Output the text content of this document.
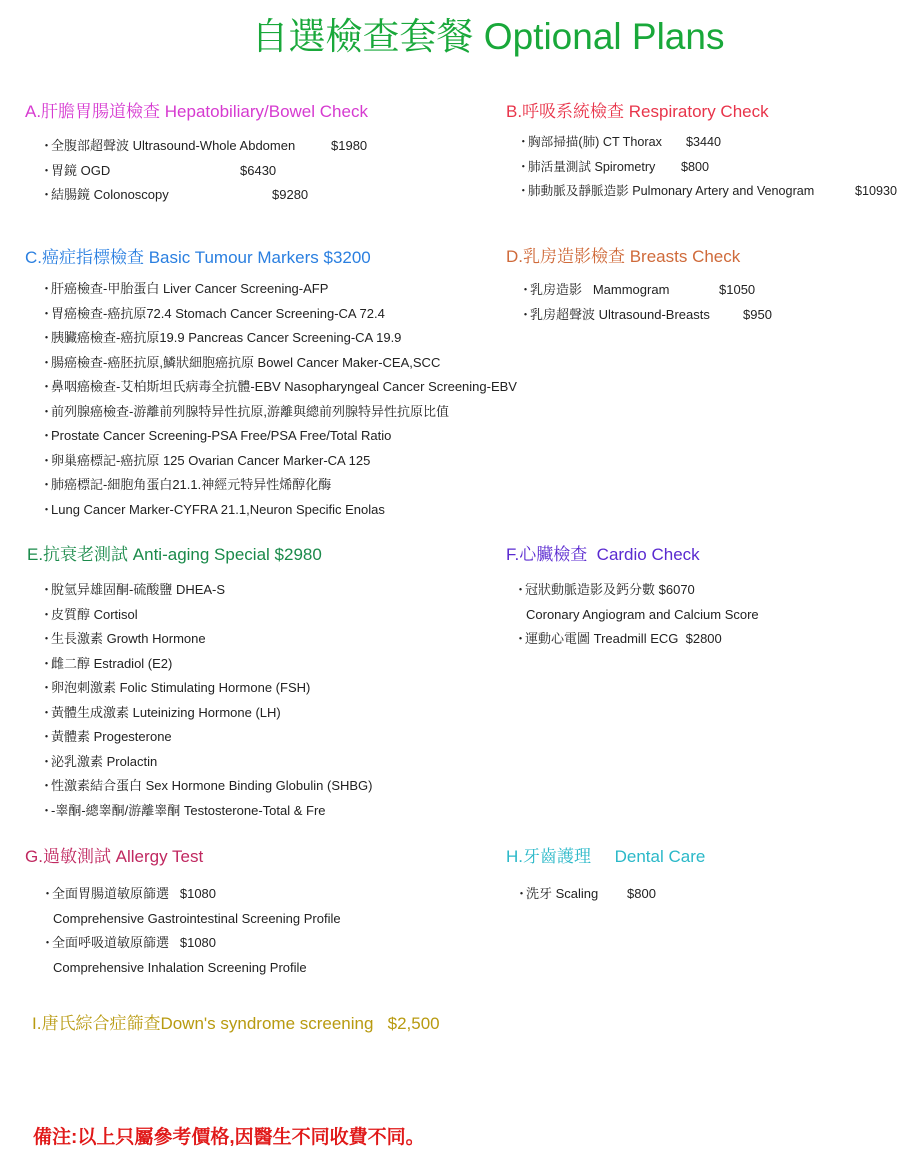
自選檢查套餐 Optional Plans
A.肝膽胃腸道檢查 Hepatobiliary/Bowel Check
・全腹部超聲波 Ultrasound-Whole Abdomen	$1980
・胃鏡 OGD	$6430
・結腸鏡 Colonoscopy	$9280
B.呼吸系統檢查 Respiratory Check
・胸部掃描(肺) CT Thorax $3440
・肺活量測試 Spirometry $800
・肺動脈及靜脈造影 Pulmonary Artery and Venogram	$10930
C.癌症指標檢查 Basic Tumour Markers $3200
・肝癌檢查-甲胎蛋白 Liver Cancer Screening-AFP
・胃癌檢查-癌抗原72.4 Stomach Cancer Screening-CA 72.4
・胰臟癌檢查-癌抗原19.9 Pancreas Cancer Screening-CA 19.9
・腸癌檢查-癌胚抗原,鱗狀細胞癌抗原 Bowel Cancer Maker-CEA,SCC
・鼻咽癌檢查-艾柏斯坦氏病毒全抗體-EBV Nasopharyngeal Cancer Screening-EBV
・前列腺癌檢查-游離前列腺特异性抗原,游離與總前列腺特异性抗原比值
・Prostate Cancer Screening-PSA Free/PSA Free/Total Ratio
・卵巢癌標記-癌抗原 125 Ovarian Cancer Marker-CA 125
・肺癌標記-細胞角蛋白21.1.神經元特异性烯醇化酶
・Lung Cancer Marker-CYFRA 21.1,Neuron Specific Enolas
D.乳房造影檢查 Breasts Check
・乳房造影   Mammogram	$1050
・乳房超聲波 Ultrasound-Breasts	$950
E.抗衰老測試 Anti-aging Special $2980
・脫氫异雄固酮-硫酸鹽 DHEA-S
・皮質醇 Cortisol
・生長激素 Growth Hormone
・雌二醇 Estradiol (E2)
・卵泡刺激素 Folic Stimulating Hormone (FSH)
・黃體生成激素 Luteinizing Hormone (LH)
・黃體素 Progesterone
・泌乳激素 Prolactin
・性激素結合蛋白 Sex Hormone Binding Globulin (SHBG)
・-睾酮-總睾酮/游離睾酮 Testosterone-Total & Fre
F.心臟檢查  Cardio Check
・冠狀動脈造影及鈣分數 $6070
Coronary Angiogram and Calcium Score
・運動心電圖 Treadmill ECG $2800
G.過敏測試 Allergy Test
・全面胃腸道敏原篩選 $1080
Comprehensive Gastrointestinal Screening Profile
・全面呼吸道敏原篩選 $1080
Comprehensive Inhalation Screening Profile
H.牙齒護理     Dental Care
・洗牙 Scaling $800
I.唐氏綜合症篩查Down's syndrome screening   $2,500
備注:以上只屬參考價格,因醫生不同收費不同。
